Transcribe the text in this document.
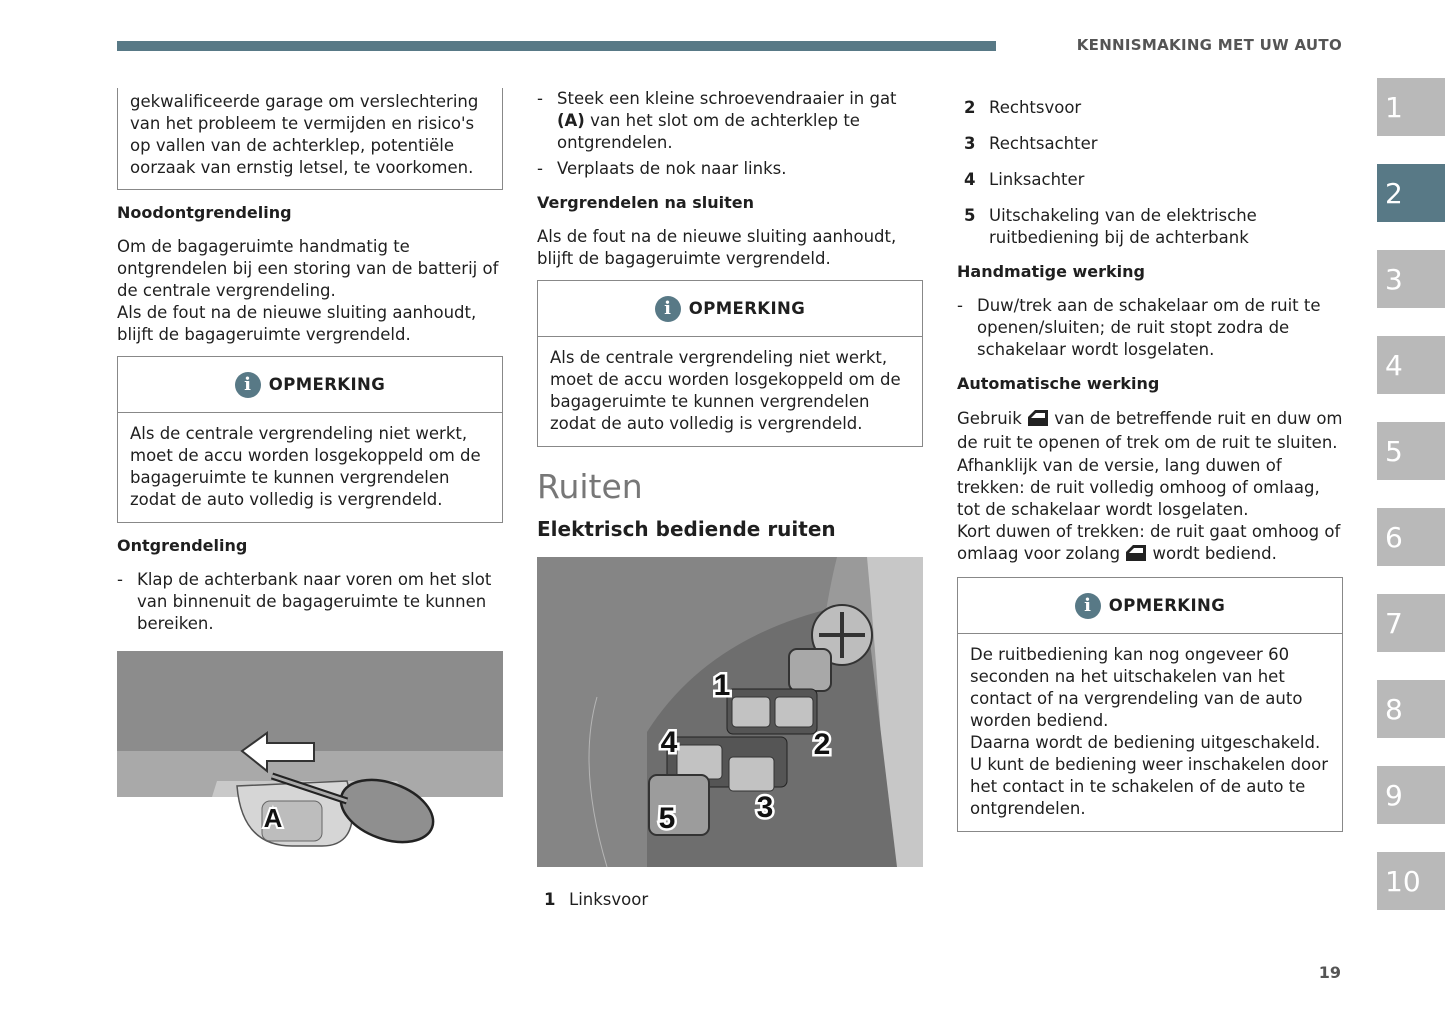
KENNISMAKING MET UW AUTO

gekwalificeerde garage om verslechtering van het probleem te vermijden en risico's op vallen van de achterklep, potentiële oorzaak van ernstig letsel, te voorkomen.

Noodontgrendeling

Om de bagageruimte handmatig te ontgrendelen bij een storing van de batterij of de centrale vergrendeling.

Als de fout na de nieuwe sluiting aanhoudt, blijft de bagageruimte vergrendeld.

i	OPMERKING
Als de centrale vergrendeling niet werkt, moet de accu worden losgekoppeld om de bagageruimte te kunnen vergrendelen zodat de auto volledig is vergrendeld.
Ontgrendeling
- Klap de achterbank naar voren om het slot van binnenuit de bagageruimte te kunnen bereiken.
A
- Steek een kleine schroevendraaier in gat (A) van het slot om de achterklep te ontgrendelen.
- Verplaats de nok naar links.
Vergrendelen na sluiten

Als de fout na de nieuwe sluiting aanhoudt, blijft de bagageruimte vergrendeld.

i	OPMERKING
Als de centrale vergrendeling niet werkt, moet de accu worden losgekoppeld om de bagageruimte te kunnen vergrendelen zodat de auto volledig is vergrendeld.
Ruiten
Elektrisch bediende ruiten
1
2
3
4
5
1 Linksvoor
2 Rechtsvoor
3 Rechtsachter
4 Linksachter
5 Uitschakeling van de elektrische ruitbediening bij de achterbank
Handmatige werking
- Duw/trek aan de schakelaar om de ruit te openen/sluiten; de ruit stopt zodra de schakelaar wordt losgelaten.
Automatische werking

Gebruik  van de betreffende ruit en duw om de ruit te openen of trek om de ruit te sluiten.

Afhanklijk van de versie, lang duwen of trekken: de ruit volledig omhoog of omlaag, tot de schakelaar wordt losgelaten.

Kort duwen of trekken: de ruit gaat omhoog of omlaag voor zolang  wordt bediend.

i	OPMERKING
De ruitbediening kan nog ongeveer 60 seconden na het uitschakelen van het contact of na vergrendeling van de auto worden bediend.
Daarna wordt de bediening uitgeschakeld.
U kunt de bediening weer inschakelen door het contact in te schakelen of de auto te ontgrendelen.
1
2
3
4
5
6
7
8
9
10
19
